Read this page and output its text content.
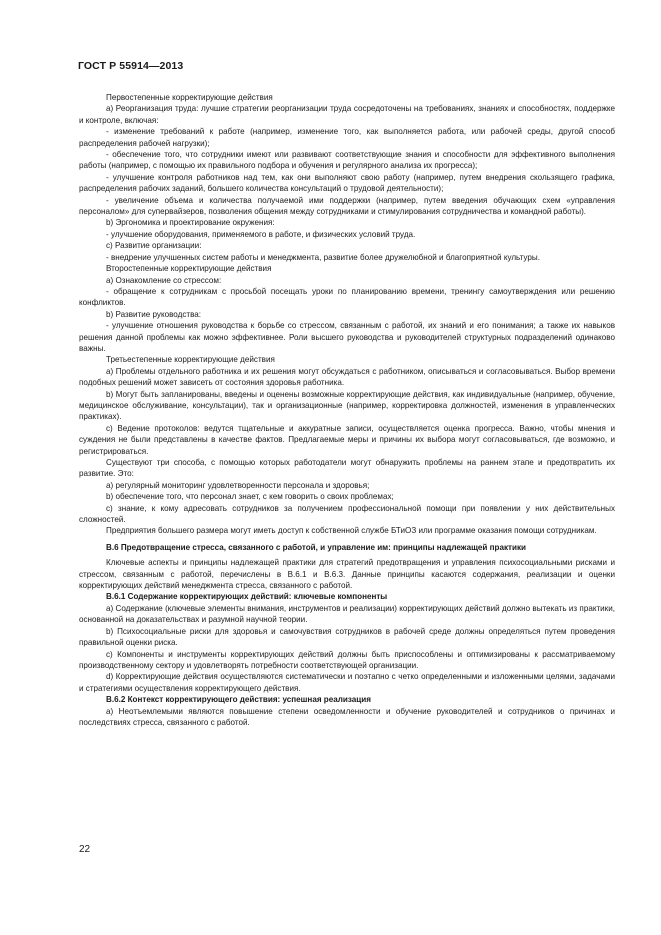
ГОСТ Р 55914—2013

Первостепенные корректирующие действия

а) Реорганизация труда: лучшие стратегии реорганизации труда сосредоточены на требованиях, знаниях и способностях, поддержке и контроле, включая:

- изменение требований к работе (например, изменение того, как выполняется работа, или рабочей среды, другой способ распределения рабочей нагрузки);

- обеспечение того, что сотрудники имеют или развивают соответствующие знания и способности для эффективного выполнения работы (например, с помощью их правильного подбора и обучения и регулярного анализа их прогресса);

- улучшение контроля работников над тем, как они выполняют свою работу (например, путем внедрения скользящего графика, распределения рабочих заданий, большего количества консультаций о трудовой деятельности);

- увеличение объема и количества получаемой ими поддержки (например, путем введения обучающих схем «управления персоналом» для супервайзеров, позволения общения между сотрудниками и стимулирования сотрудничества и командной работы).

b) Эргономика и проектирование окружения:

- улучшение оборудования, применяемого в работе, и физических условий труда.

c) Развитие организации:

- внедрение улучшенных систем работы и менеджмента, развитие более дружелюбной и благоприятной культуры.

Второстепенные корректирующие действия

a) Ознакомление со стрессом:

- обращение к сотрудникам с просьбой посещать уроки по планированию времени, тренингу самоутверждения или решению конфликтов.

b) Развитие руководства:

- улучшение отношения руководства к борьбе со стрессом, связанным с работой, их знаний и его понимания; а также их навыков решения данной проблемы как можно эффективнее. Роли высшего руководства и руководителей структурных подразделений одинаково важны.

Третьестепенные корректирующие действия

a) Проблемы отдельного работника и их решения могут обсуждаться с работником, описываться и согласовываться. Выбор времени подобных решений может зависеть от состояния здоровья работника.

b) Могут быть запланированы, введены и оценены возможные корректирующие действия, как индивидуальные (например, обучение, медицинское обслуживание, консультации), так и организационные (например, корректировка должностей, изменения в управленческих практиках).

c) Ведение протоколов: ведутся тщательные и аккуратные записи, осуществляется оценка прогресса. Важно, чтобы мнения и суждения не были представлены в качестве фактов. Предлагаемые меры и причины их выбора могут согласовываться, где возможно, и регистрироваться.

Существуют три способа, с помощью которых работодатели могут обнаружить проблемы на раннем этапе и предотвратить их развитие. Это:

а) регулярный мониторинг удовлетворенности персонала и здоровья;

b) обеспечение того, что персонал знает, с кем говорить о своих проблемах;

c) знание, к кому адресовать сотрудников за получением профессиональной помощи при появлении у них действительных сложностей.

Предприятия большего размера могут иметь доступ к собственной службе БТиОЗ или программе оказания помощи сотрудникам.

В.6 Предотвращение стресса, связанного с работой, и управление им: принципы надлежащей практики

Ключевые аспекты и принципы надлежащей практики для стратегий предотвращения и управления психосоциальными рисками и стрессом, связанным с работой, перечислены в В.6.1 и В.6.3. Данные принципы касаются содержания, реализации и оценки корректирующих действий менеджмента стресса, связанного с работой.

В.6.1 Содержание корректирующих действий: ключевые компоненты

a) Содержание (ключевые элементы внимания, инструментов и реализации) корректирующих действий должно вытекать из практики, основанной на доказательствах и разумной научной теории.

b) Психосоциальные риски для здоровья и самочувствия сотрудников в рабочей среде должны определяться путем проведения правильной оценки риска.

c) Компоненты и инструменты корректирующих действий должны быть приспособлены и оптимизированы к рассматриваемому производственному сектору и удовлетворять потребности соответствующей организации.

d) Корректирующие действия осуществляются систематически и поэтапно с четко определенными и изложенными целями, задачами и стратегиями осуществления корректирующего действия.

В.6.2 Контекст корректирующего действия: успешная реализация

a) Неотъемлемыми являются повышение степени осведомленности и обучение руководителей и сотрудников о причинах и последствиях стресса, связанного с работой.

22
